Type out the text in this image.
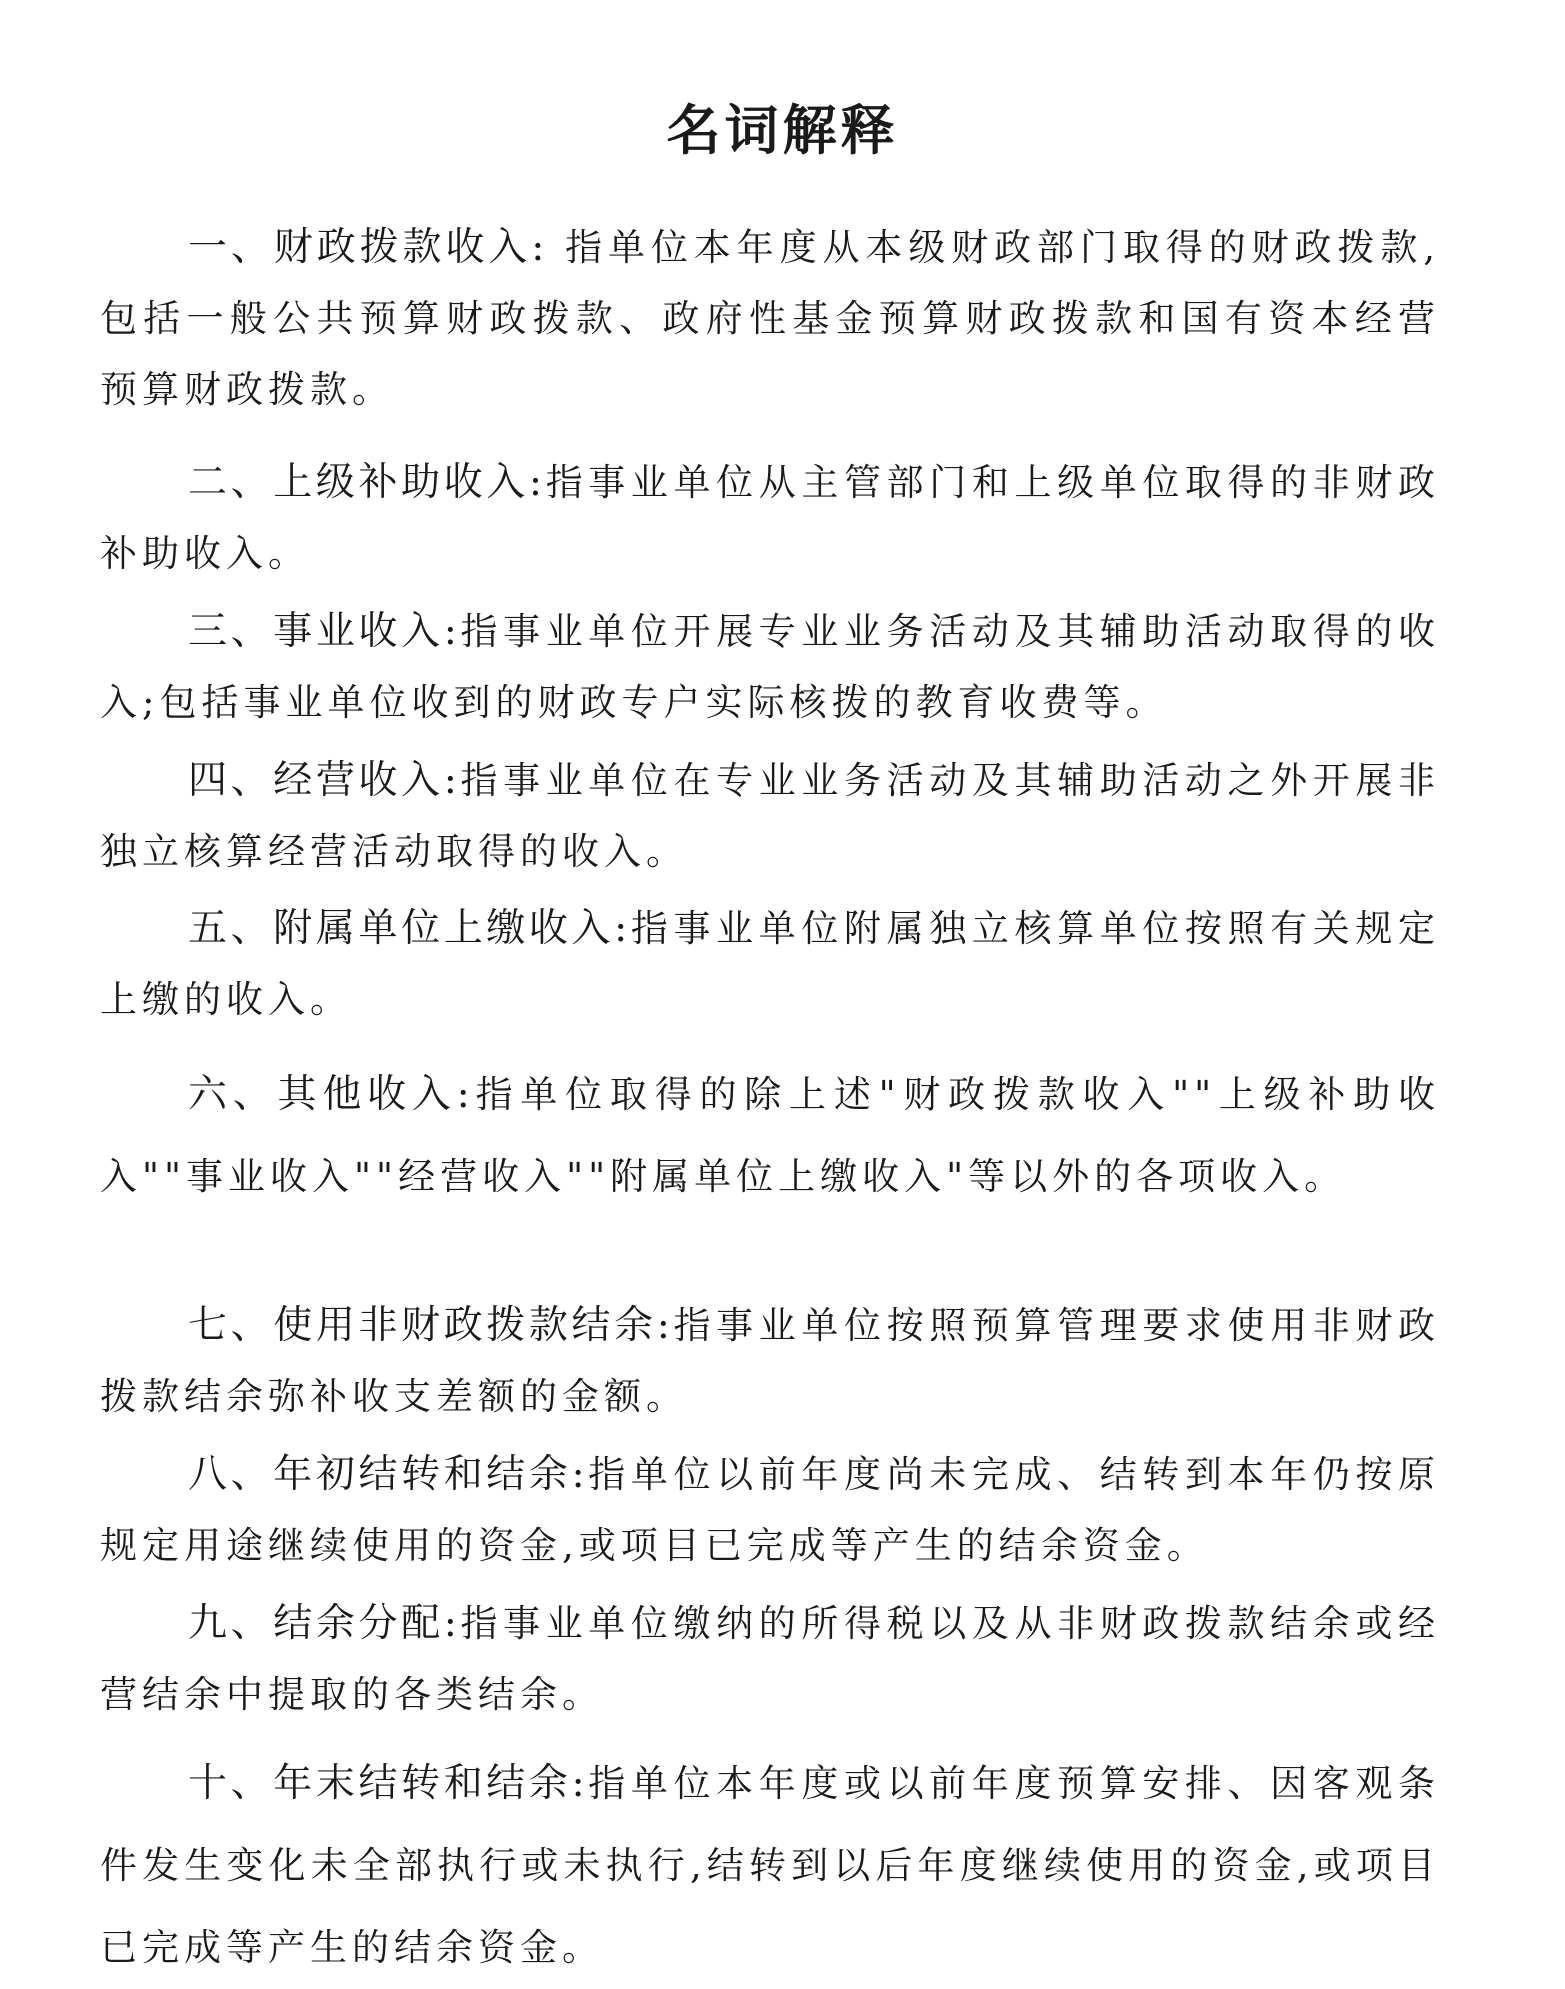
名词解释

一、财政拨款收入: 指单位本年度从本级财政部门取得的财政拨款,包括一般公共预算财政拨款、政府性基金预算财政拨款和国有资本经营预算财政拨款。

二、上级补助收入:指事业单位从主管部门和上级单位取得的非财政补助收入。

三、事业收入:指事业单位开展专业业务活动及其辅助活动取得的收入;包括事业单位收到的财政专户实际核拨的教育收费等。

四、经营收入:指事业单位在专业业务活动及其辅助活动之外开展非独立核算经营活动取得的收入。

五、附属单位上缴收入:指事业单位附属独立核算单位按照有关规定上缴的收入。

六、其他收入:指单位取得的除上述"财政拨款收入""上级补助收入""事业收入""经营收入""附属单位上缴收入"等以外的各项收入。

七、使用非财政拨款结余:指事业单位按照预算管理要求使用非财政拨款结余弥补收支差额的金额。

八、年初结转和结余:指单位以前年度尚未完成、结转到本年仍按原规定用途继续使用的资金,或项目已完成等产生的结余资金。

九、结余分配:指事业单位缴纳的所得税以及从非财政拨款结余或经营结余中提取的各类结余。

十、年末结转和结余:指单位本年度或以前年度预算安排、因客观条件发生变化未全部执行或未执行,结转到以后年度继续使用的资金,或项目已完成等产生的结余资金。
